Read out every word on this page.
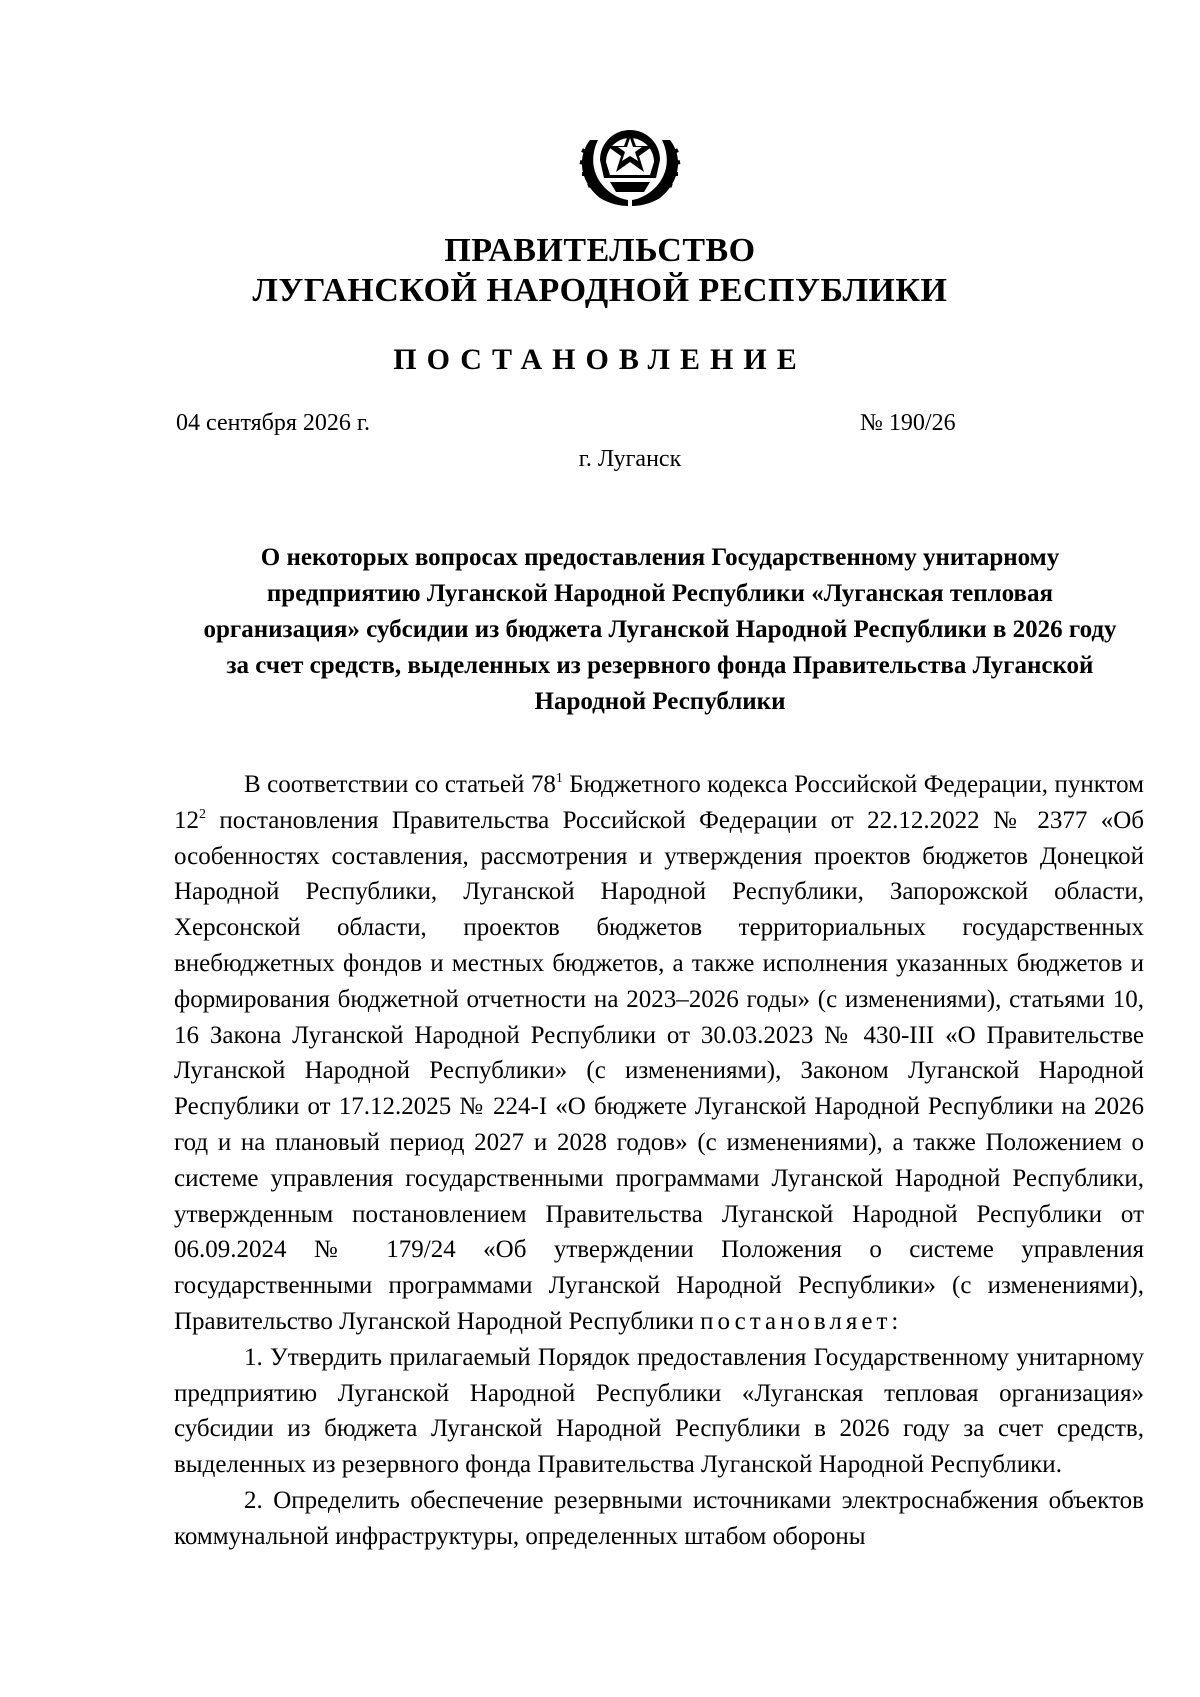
ПРАВИТЕЛЬСТВО
ЛУГАНСКОЙ НАРОДНОЙ РЕСПУБЛИКИ
ПОСТАНОВЛЕНИЕ
04 сентября 2026 г.	№ 190/26
г. Луганск
О некоторых вопросах предоставления Государственному унитарному предприятию Луганской Народной Республики «Луганская тепловая организация» субсидии из бюджета Луганской Народной Республики в 2026 году за счет средств, выделенных из резервного фонда Правительства Луганской Народной Республики

В соответствии со статьей $78^1$ Бюджетного кодекса Российской Федерации, пунктом $12^2$ постановления Правительства Российской Федерации от 22.12.2022 № 2377 «Об особенностях составления, рассмотрения и утверждения проектов бюджетов Донецкой Народной Республики, Луганской Народной Республики, Запорожской области, Херсонской области, проектов бюджетов территориальных государственных внебюджетных фондов и местных бюджетов, а также исполнения указанных бюджетов и формирования бюджетной отчетности на 2023–2026 годы» (с изменениями), статьями 10, 16 Закона Луганской Народной Республики от 30.03.2023 № 430-III «О Правительстве Луганской Народной Республики» (с изменениями), Законом Луганской Народной Республики от 17.12.2025 № 224-I «О бюджете Луганской Народной Республики на 2026 год и на плановый период 2027 и 2028 годов» (с изменениями), а также Положением о системе управления государственными программами Луганской Народной Республики, утвержденным постановлением Правительства Луганской Народной Республики от 06.09.2024 № 179/24 «Об утверждении Положения о системе управления государственными программами Луганской Народной Республики» (с изменениями), Правительство Луганской Народной Республики постановляет:

1. Утвердить прилагаемый Порядок предоставления Государственному унитарному предприятию Луганской Народной Республики «Луганская тепловая организация» субсидии из бюджета Луганской Народной Республики в 2026 году за счет средств, выделенных из резервного фонда Правительства Луганской Народной Республики.

2. Определить обеспечение резервными источниками электроснабжения объектов коммунальной инфраструктуры, определенных штабом обороны
